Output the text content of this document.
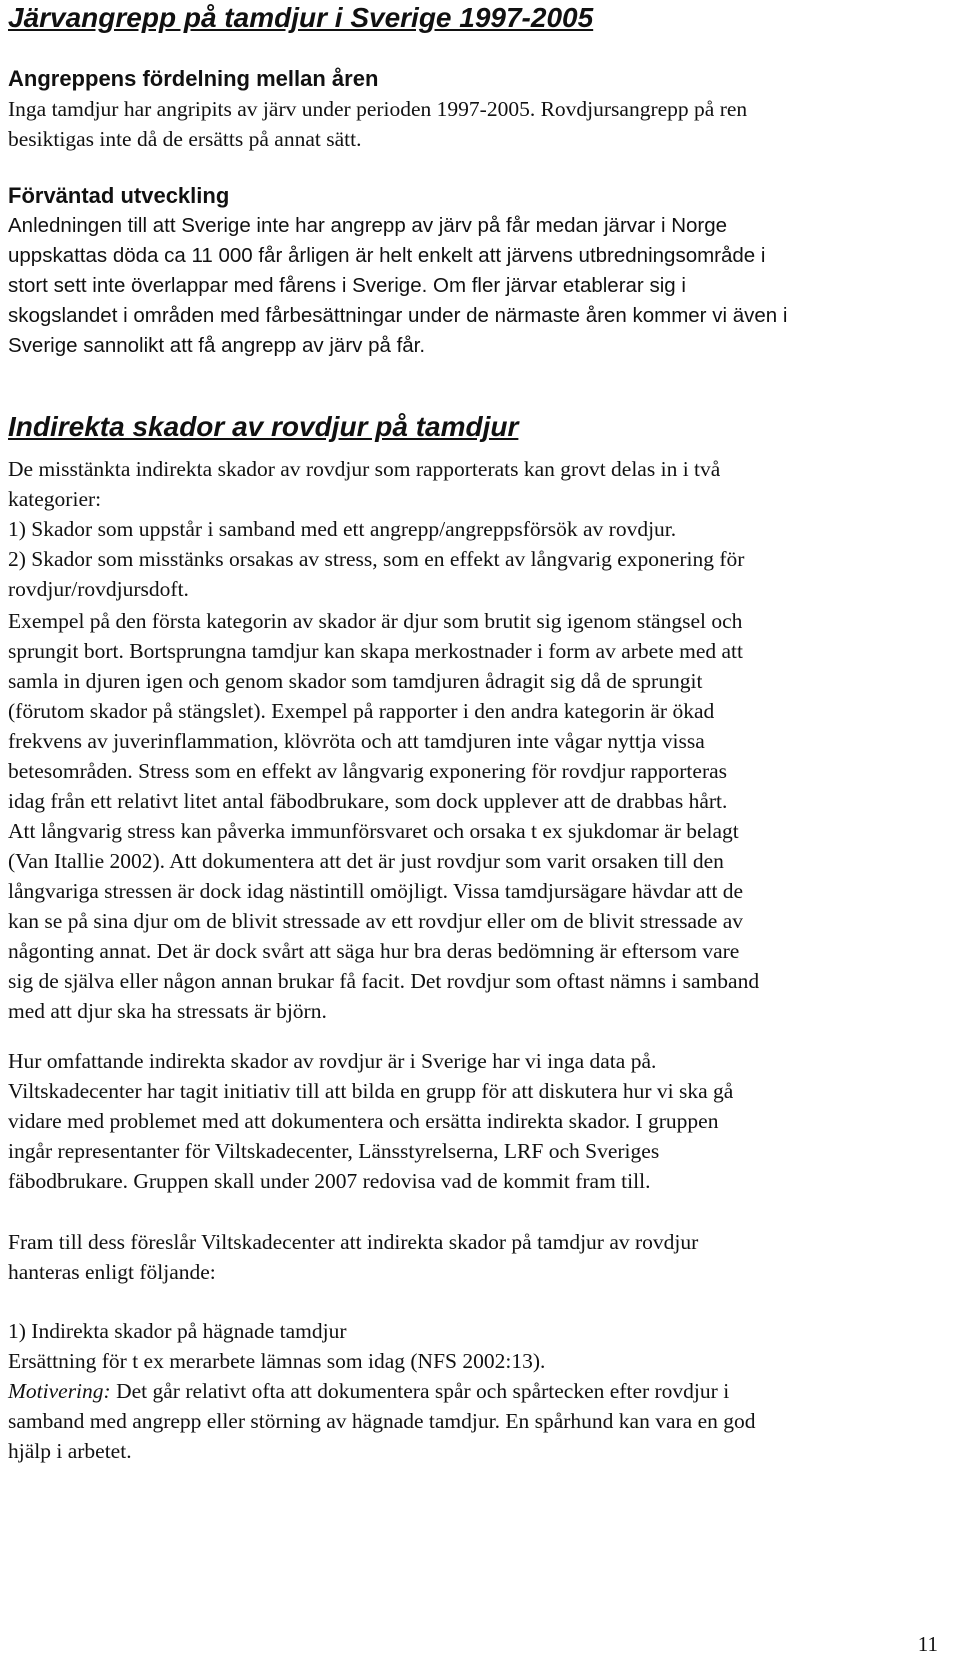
Järvangrepp på tamdjur i Sverige 1997-2005

Angreppens fördelning mellan åren

Inga tamdjur har angripits av järv under perioden 1997-2005. Rovdjursangrepp på ren

besiktigas inte då de ersätts på annat sätt.

Förväntad utveckling

Anledningen till att Sverige inte har angrepp av järv på får medan järvar i Norge

uppskattas döda ca 11 000 får årligen är helt enkelt att järvens utbredningsområde i

stort sett inte överlappar med fårens i Sverige. Om fler järvar etablerar sig i

skogslandet i områden med fårbesättningar under de närmaste åren kommer vi även i

Sverige sannolikt att få angrepp av järv på får.

Indirekta skador av rovdjur på tamdjur

De misstänkta indirekta skador av rovdjur som rapporterats kan grovt delas in i två

kategorier:

1) Skador som uppstår i samband med ett angrepp/angreppsförsök av rovdjur.

2) Skador som misstänks orsakas av stress, som en effekt av långvarig exponering för

rovdjur/rovdjursdoft.

Exempel på den första kategorin av skador är djur som brutit sig igenom stängsel och

sprungit bort. Bortsprungna tamdjur kan skapa merkostnader i form av arbete med att

samla in djuren igen och genom skador som tamdjuren ådragit sig då de sprungit

(förutom skador på stängslet). Exempel på rapporter i den andra kategorin är ökad

frekvens av juverinflammation, klövröta och att tamdjuren inte vågar nyttja vissa

betesområden. Stress som en effekt av långvarig exponering för rovdjur rapporteras

idag från ett relativt litet antal fäbodbrukare, som dock upplever att de drabbas hårt.

Att långvarig stress kan påverka immunförsvaret och orsaka t ex sjukdomar är belagt

(Van Itallie 2002). Att dokumentera att det är just rovdjur som varit orsaken till den

långvariga stressen är dock idag nästintill omöjligt. Vissa tamdjursägare hävdar att de

kan se på sina djur om de blivit stressade av ett rovdjur eller om de blivit stressade av

någonting annat. Det är dock svårt att säga hur bra deras bedömning är eftersom vare

sig de själva eller någon annan brukar få facit. Det rovdjur som oftast nämns i samband

med att djur ska ha stressats är björn.

Hur omfattande indirekta skador av rovdjur är i Sverige har vi inga data på.

Viltskadecenter har tagit initiativ till att bilda en grupp för att diskutera hur vi ska gå

vidare med problemet med att dokumentera och ersätta indirekta skador. I gruppen

ingår representanter för Viltskadecenter, Länsstyrelserna, LRF och Sveriges

fäbodbrukare. Gruppen skall under 2007 redovisa vad de kommit fram till.

Fram till dess föreslår Viltskadecenter att indirekta skador på tamdjur av rovdjur

hanteras enligt följande:

1) Indirekta skador på hägnade tamdjur

Ersättning för t ex merarbete lämnas som idag (NFS 2002:13).

Motivering: Det går relativt ofta att dokumentera spår och spårtecken efter rovdjur i

samband med angrepp eller störning av hägnade tamdjur. En spårhund kan vara en god

hjälp i arbetet.

11
